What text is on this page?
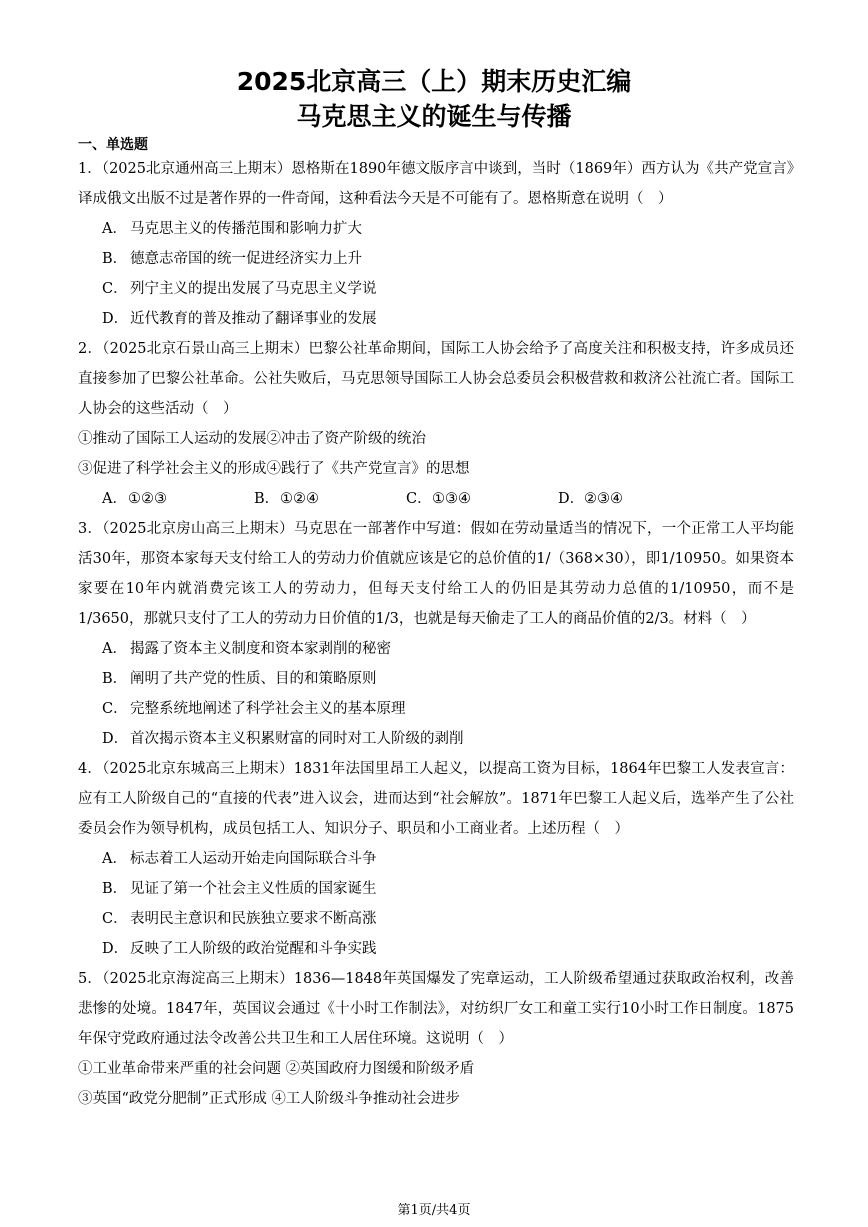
2025北京高三（上）期末历史汇编
马克思主义的诞生与传播
一、单选题

1．（2025北京通州高三上期末）恩格斯在1890年德文版序言中谈到，当时（1869年）西方认为《共产党宣言》译成俄文出版不过是著作界的一件奇闻，这种看法今天是不可能有了。恩格斯意在说明（　）

A． 马克思主义的传播范围和影响力扩大

B． 德意志帝国的统一促进经济实力上升

C． 列宁主义的提出发展了马克思主义学说

D． 近代教育的普及推动了翻译事业的发展

2．（2025北京石景山高三上期末）巴黎公社革命期间，国际工人协会给予了高度关注和积极支持，许多成员还直接参加了巴黎公社革命。公社失败后，马克思领导国际工人协会总委员会积极营救和救济公社流亡者。国际工人协会的这些活动（　）

①推动了国际工人运动的发展②冲击了资产阶级的统治

③促进了科学社会主义的形成④践行了《共产党宣言》的思想

A．①②③	B．①②④	C．①③④	D．②③④

3．（2025北京房山高三上期末）马克思在一部著作中写道：假如在劳动量适当的情况下，一个正常工人平均能活30年，那资本家每天支付给工人的劳动力价值就应该是它的总价值的1/（368×30），即1/10950。如果资本家要在10年内就消费完该工人的劳动力，但每天支付给工人的仍旧是其劳动力总值的1/10950，而不是1/3650，那就只支付了工人的劳动力日价值的1/3，也就是每天偷走了工人的商品价值的2/3。材料（　）

A． 揭露了资本主义制度和资本家剥削的秘密

B． 阐明了共产党的性质、目的和策略原则

C． 完整系统地阐述了科学社会主义的基本原理

D． 首次揭示资本主义积累财富的同时对工人阶级的剥削

4．（2025北京东城高三上期末）1831年法国里昂工人起义，以提高工资为目标，1864年巴黎工人发表宣言：应有工人阶级自己的“直接的代表”进入议会，进而达到“社会解放”。1871年巴黎工人起义后，选举产生了公社委员会作为领导机构，成员包括工人、知识分子、职员和小工商业者。上述历程（　）

A． 标志着工人运动开始走向国际联合斗争

B． 见证了第一个社会主义性质的国家诞生

C． 表明民主意识和民族独立要求不断高涨

D． 反映了工人阶级的政治觉醒和斗争实践

5．（2025北京海淀高三上期末）1836—1848年英国爆发了宪章运动，工人阶级希望通过获取政治权利，改善悲惨的处境。1847年，英国议会通过《十小时工作制法》，对纺织厂女工和童工实行10小时工作日制度。1875年保守党政府通过法令改善公共卫生和工人居住环境。这说明（　）

①工业革命带来严重的社会问题 ②英国政府力图缓和阶级矛盾

③英国“政党分肥制”正式形成 ④工人阶级斗争推动社会进步

第1页/共4页
